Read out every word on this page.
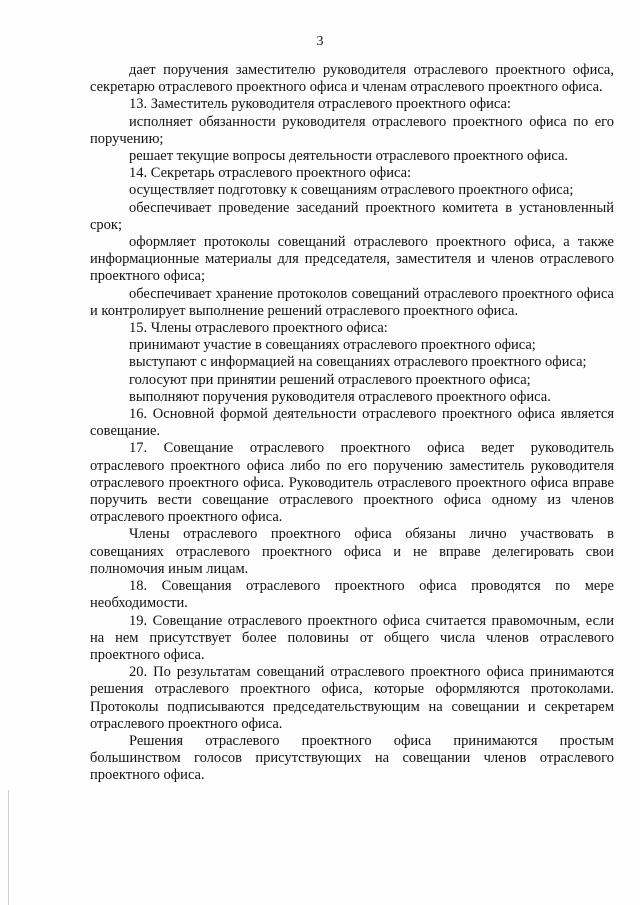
3

дает поручения заместителю руководителя отраслевого проектного офиса, секретарю отраслевого проектного офиса и членам отраслевого проектного офиса.

13. Заместитель руководителя отраслевого проектного офиса:

исполняет обязанности руководителя отраслевого проектного офиса по его поручению;

решает текущие вопросы деятельности отраслевого проектного офиса.

14. Секретарь отраслевого проектного офиса:

осуществляет подготовку к совещаниям отраслевого проектного офиса;

обеспечивает проведение заседаний проектного комитета в установленный срок;

оформляет протоколы совещаний отраслевого проектного офиса, а также информационные материалы для председателя, заместителя и членов отраслевого проектного офиса;

обеспечивает хранение протоколов совещаний отраслевого проектного офиса и контролирует выполнение решений отраслевого проектного офиса.

15. Члены отраслевого проектного офиса:

принимают участие в совещаниях отраслевого проектного офиса;

выступают с информацией на совещаниях отраслевого проектного офиса;

голосуют при принятии решений отраслевого проектного офиса;

выполняют поручения руководителя отраслевого проектного офиса.

16. Основной формой деятельности отраслевого проектного офиса является совещание.

17. Совещание отраслевого проектного офиса ведет руководитель отраслевого проектного офиса либо по его поручению заместитель руководителя отраслевого проектного офиса. Руководитель отраслевого проектного офиса вправе поручить вести совещание отраслевого проектного офиса одному из членов отраслевого проектного офиса.

Члены отраслевого проектного офиса обязаны лично участвовать в совещаниях отраслевого проектного офиса и не вправе делегировать свои полномочия иным лицам.

18. Совещания отраслевого проектного офиса проводятся по мере необходимости.

19. Совещание отраслевого проектного офиса считается правомочным, если на нем присутствует более половины от общего числа членов отраслевого проектного офиса.

20. По результатам совещаний отраслевого проектного офиса принимаются решения отраслевого проектного офиса, которые оформляются протоколами. Протоколы подписываются председательствующим на совещании и секретарем отраслевого проектного офиса.

Решения отраслевого проектного офиса принимаются простым большинством голосов присутствующих на совещании членов отраслевого проектного офиса.
